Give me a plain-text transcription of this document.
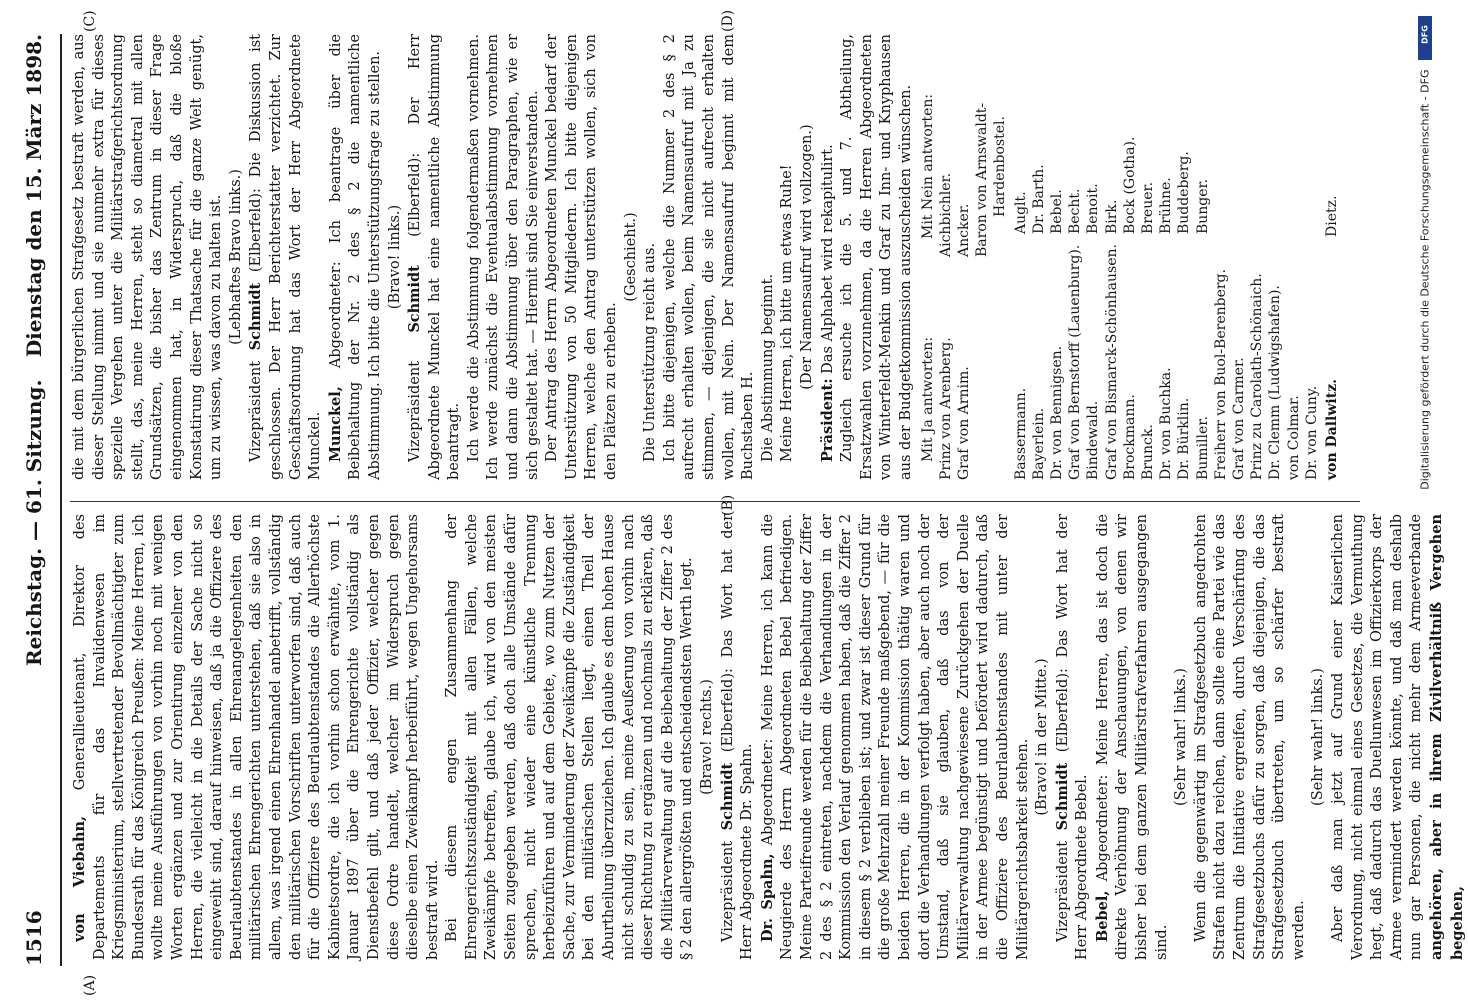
1516
Reichstag. — 61. Sitzung.
Dienstag den 15. März 1898.
(A)
(B)
(C)	(D)

von Viebahn, Generallieutenant, Direktor des Departements für das Invalidenwesen im Kriegsministerium, stellvertretender Bevollmächtigter zum Bundesrath für das Königreich Preußen: Meine Herren, ich wollte meine Ausführungen von vorhin noch mit wenigen Worten ergänzen und zur Orientirung einzelner von den Herren, die vielleicht in die Details der Sache nicht so eingeweiht sind, darauf hinweisen, daß ja die Offiziere des Beurlaubtenstandes in allen Ehrenangelegenheiten den militärischen Ehrengerichten unterstehen, daß sie also in allem, was irgend einen Ehrenhandel anbetrifft, vollständig den militärischen Vorschriften unterworfen sind, daß auch für die Offiziere des Beurlaubtenstandes die Allerhöchste Kabinetsordre, die ich vorhin schon erwähnte, vom 1. Januar 1897 über die Ehrengerichte vollständig als Dienstbefehl gilt, und daß jeder Offizier, welcher gegen diese Ordre handelt, welcher im Widerspruch gegen dieselbe einen Zweikampf herbeiführt, wegen Ungehorsams bestraft wird. Bei diesem engen Zusammenhang der Ehrengerichtszuständigkeit mit allen Fällen, welche Zweikämpfe betreffen, glaube ich, wird von den meisten Seiten zugegeben werden, daß doch alle Umstände dafür sprechen, nicht wieder eine künstliche Trennung herbeizuführen und auf dem Gebiete, wo zum Nutzen der Sache, zur Verminderung der Zweikämpfe die Zuständigkeit bei den militärischen Stellen liegt, einen Theil der Aburtheilung überzuziehen. Ich glaube es dem hohen Hause nicht schuldig zu sein, meine Aeußerung von vorhin nach dieser Richtung zu ergänzen und nochmals zu erklären, daß die Militärverwaltung auf die Beibehaltung der Ziffer 2 des § 2 den allergrößten und entscheidendsten Werth legt. (Bravo! rechts.)

Vizepräsident Schmidt (Elberfeld): Das Wort hat der Herr Abgeordnete Dr. Spahn. Dr. Spahn, Abgeordneter: Meine Herren, ich kann die Neugierde des Herrn Abgeordneten Bebel befriedigen. Meine Parteifreunde werden für die Beibehaltung der Ziffer 2 des § 2 eintreten, nachdem die Verhandlungen in der Kommission den Verlauf genommen haben, daß die Ziffer 2 in diesem § 2 verblieben ist; und zwar ist dieser Grund für die große Mehrzahl meiner Freunde maßgebend, — für die beiden Herren, die in der Kommission thätig waren und dort die Verhandlungen verfolgt haben, aber auch noch der Umstand, daß sie glauben, daß das von der Militärverwaltung nachgewiesene Zurückgehen der Duelle in der Armee begünstigt und befördert wird dadurch, daß die Offiziere des Beurlaubtenstandes mit unter der Militärgerichtsbarkeit stehen.

(Bravo! in der Mitte.)

Vizepräsident Schmidt (Elberfeld): Das Wort hat der Herr Abgeordnete Bebel. Bebel, Abgeordneter: Meine Herren, das ist doch die direkte Verhöhnung der Anschauungen, von denen wir bisher bei dem ganzen Militärstrafverfahren ausgegangen sind.

(Sehr wahr! links.) Wenn die gegenwärtig im Strafgesetzbuch angedrohten Strafen nicht dazu reichen, dann sollte eine Partei wie das Zentrum die Initiative ergreifen, durch Verschärfung des Strafgesetzbuchs dafür zu sorgen, daß diejenigen, die das Strafgesetzbuch übertreten, um so schärfer bestraft werden.

(Sehr wahr! links.) Aber daß man jetzt auf Grund einer Kaiserlichen Verordnung, nicht einmal eines Gesetzes, die Vermuthung hegt, daß dadurch das Duellunwesen im Offizierkorps der Armee vermindert werden könnte, und daß man deshalb nun gar Personen, die nicht mehr dem Armeeverbande angehören, aber in ihrem Zivilverhältniß Vergehen begehen,

die mit dem bürgerlichen Strafgesetz bestraft werden, aus dieser Stellung nimmt und sie nunmehr extra für dieses spezielle Vergehen unter die Militärstrafgerichtsordnung stellt, das, meine Herren, steht so diametral mit allen Grundsätzen, die bisher das Zentrum in dieser Frage eingenommen hat, in Widerspruch, daß die bloße Konstatirung dieser Thatsache für die ganze Welt genügt, um zu wissen, was davon zu halten ist. (Lebhaftes Bravo links.)

Vizepräsident Schmidt (Elberfeld): Die Diskussion ist geschlossen. Der Herr Berichterstatter verzichtet. Zur Geschäftsordnung hat das Wort der Herr Abgeordnete Munckel. Munckel, Abgeordneter: Ich beantrage über die Beibehaltung der Nr. 2 des § 2 die namentliche Abstimmung. Ich bitte die Unterstützungsfrage zu stellen. (Bravo! links.)

Vizepräsident Schmidt (Elberfeld): Der Herr Abgeordnete Munckel hat eine namentliche Abstimmung beantragt. Ich werde die Abstimmung folgendermaßen vornehmen. Ich werde zunächst die Eventualabstimmung vornehmen und dann die Abstimmung über den Paragraphen, wie er sich gestaltet hat. — Hiermit sind Sie einverstanden. Der Antrag des Herrn Abgeordneten Munckel bedarf der Unterstützung von 50 Mitgliedern. Ich bitte diejenigen Herren, welche den Antrag unterstützen wollen, sich von den Plätzen zu erheben.

(Geschieht.) Die Unterstützung reicht aus. Ich bitte diejenigen, welche die Nummer 2 des § 2 aufrecht erhalten wollen, beim Namensaufruf mit Ja zu stimmen, — diejenigen, die sie nicht aufrecht erhalten wollen, mit Nein. Der Namensaufruf beginnt mit dem Buchstaben H. Die Abstimmung beginnt. Meine Herren, ich bitte um etwas Ruhe! (Der Namensaufruf wird vollzogen.)

Präsident: Das Alphabet wird rekapitulirt. Zugleich ersuche ich die 5. und 7. Abtheilung, Ersatzwahlen vorzunehmen, da die Herren Abgeordneten von Winterfeldt-Menkin und Graf zu Inn- und Knyphausen aus der Budgetkommission auszuscheiden wünschen. Mit Ja antworten: Prinz von Arenberg. Graf von Arnim.
Mit Nein antworten: Aichbichler. Ancker. Baron von Arnswaldt- Hardenbostel.
Bassermann. Bayerlein. Dr. von Bennigsen. Graf von Bernstorff (Lauenburg). Bindewald. Graf von Bismarck-Schönhausen. Brockmann. Brunck. Dr. von Buchka. Dr. Bürklin. Bumiller. Freiherr von Buol-Berenberg. Graf von Carmer. Prinz zu Carolath-Schönaich. Dr. Clemm (Ludwigshafen). von Colmar. Dr. von Cuny.
Auglt. Dr. Barth. Bebel. Becht. Benoit. Birk. Bock (Gotha). Breuer. Brühne. Buddeberg. Bunger.
von Dallwitz.
Dietz.
DFG
Digitalisierung gefördert durch die Deutsche Forschungsgemeinschaft - DFG
